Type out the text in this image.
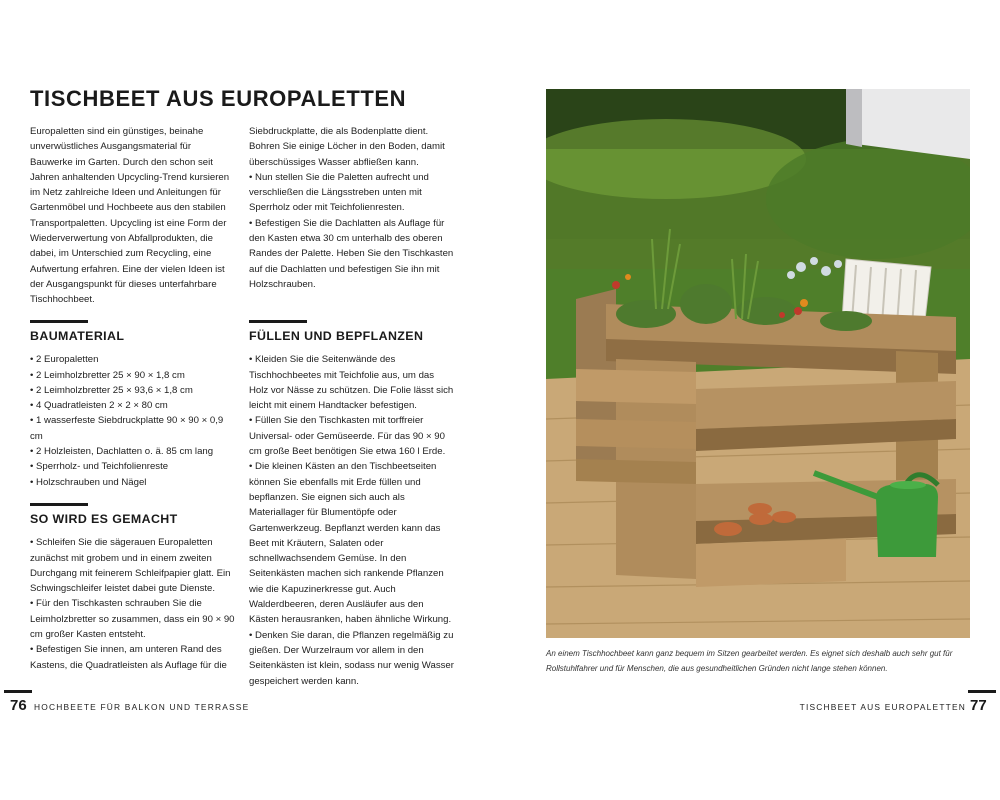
TISCHBEET AUS EUROPALETTEN

Europaletten sind ein günstiges, beinahe unverwüstliches Ausgangsmaterial für Bauwerke im Garten. Durch den schon seit Jahren anhaltenden Upcycling-Trend kursieren im Netz zahlreiche Ideen und Anleitungen für Gartenmöbel und Hochbeete aus den stabilen Transportpaletten. Upcycling ist eine Form der Wiederverwertung von Abfallprodukten, die dabei, im Unterschied zum Recycling, eine Aufwertung erfahren. Eine der vielen Ideen ist der Ausgangspunkt für dieses unterfahrbare Tischhochbeet.

BAUMATERIAL
• 2 Europaletten
• 2 Leimholzbretter 25 × 90 × 1,8 cm
• 2 Leimholzbretter 25 × 93,6 × 1,8 cm
• 4 Quadratleisten 2 × 2 × 80 cm
• 1 wasserfeste Siebdruckplatte 90 × 90 × 0,9 cm
• 2 Holzleisten, Dachlatten o. ä. 85 cm lang
• Sperrholz- und Teichfolienreste
• Holzschrauben und Nägel
SO WIRD ES GEMACHT

• Schleifen Sie die sägerauen Europaletten zunächst mit grobem und in einem zweiten Durchgang mit feinerem Schleifpapier glatt. Ein Schwingschleifer leistet dabei gute Dienste.

• Für den Tischkasten schrauben Sie die Leimholzbretter so zusammen, dass ein 90 × 90 cm großer Kasten entsteht.

• Befestigen Sie innen, am unteren Rand des Kastens, die Quadratleisten als Auflage für die

Siebdruckplatte, die als Bodenplatte dient. Bohren Sie einige Löcher in den Boden, damit überschüssiges Wasser abfließen kann.

• Nun stellen Sie die Paletten aufrecht und verschließen die Längsstreben unten mit Sperrholz oder mit Teichfolienresten.

• Befestigen Sie die Dachlatten als Auflage für den Kasten etwa 30 cm unterhalb des oberen Randes der Palette. Heben Sie den Tischkasten auf die Dachlatten und befestigen Sie ihn mit Holzschrauben.

FÜLLEN UND BEPFLANZEN

• Kleiden Sie die Seitenwände des Tischhochbeetes mit Teichfolie aus, um das Holz vor Nässe zu schützen. Die Folie lässt sich leicht mit einem Handtacker befestigen.

• Füllen Sie den Tischkasten mit torffreier Universal- oder Gemüseerde. Für das 90 × 90 cm große Beet benötigen Sie etwa 160 l Erde.

• Die kleinen Kästen an den Tischbeetseiten können Sie ebenfalls mit Erde füllen und bepflanzen. Sie eignen sich auch als Materiallager für Blumentöpfe oder Gartenwerkzeug. Bepflanzt werden kann das Beet mit Kräutern, Salaten oder schnellwachsendem Gemüse. In den Seitenkästen machen sich rankende Pflanzen wie die Kapuzinerkresse gut. Auch Walderdbeeren, deren Ausläufer aus den Kästen herausranken, haben ähnliche Wirkung.

• Denken Sie daran, die Pflanzen regelmäßig zu gießen. Der Wurzelraum vor allem in den Seitenkästen ist klein, sodass nur wenig Wasser gespeichert werden kann.

An einem Tischhochbeet kann ganz bequem im Sitzen gearbeitet werden. Es eignet sich deshalb auch sehr gut für Rollstuhlfahrer und für Menschen, die aus gesundheitlichen Gründen nicht lange stehen können.
76 HOCHBEETE FÜR BALKON UND TERRASSE	TISCHBEET AUS EUROPALETTEN 77
